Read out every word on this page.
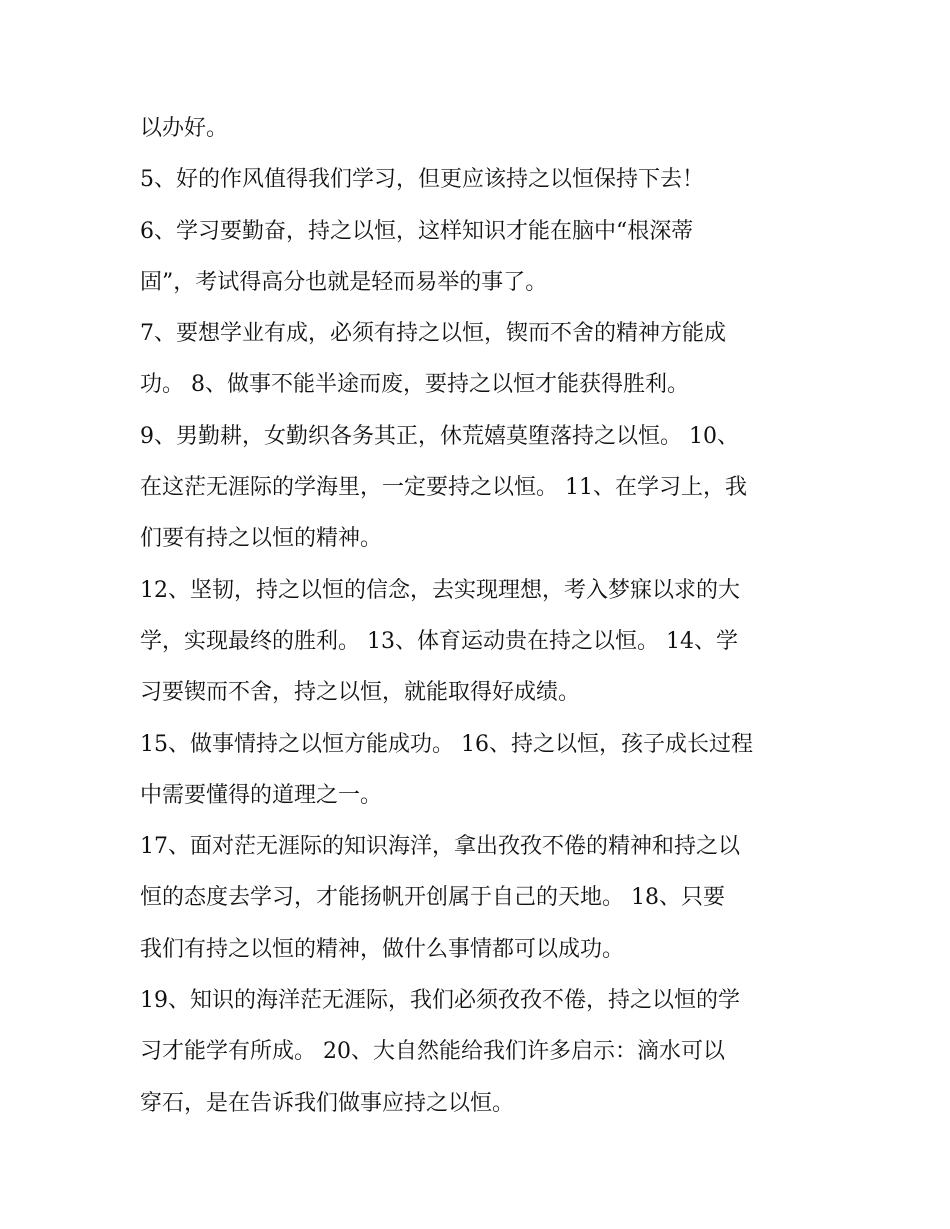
以办好。
5、好的作风值得我们学习，但更应该持之以恒保持下去！
6、学习要勤奋，持之以恒，这样知识才能在脑中“根深蒂
固”，考试得高分也就是轻而易举的事了。
7、要想学业有成，必须有持之以恒，锲而不舍的精神方能成
功。 8、做事不能半途而废，要持之以恒才能获得胜利。
9、男勤耕，女勤织各务其正，休荒嬉莫堕落持之以恒。 10、
在这茫无涯际的学海里，一定要持之以恒。 11、在学习上，我
们要有持之以恒的精神。
12、坚韧，持之以恒的信念，去实现理想，考入梦寐以求的大
学，实现最终的胜利。 13、体育运动贵在持之以恒。 14、学
习要锲而不舍，持之以恒，就能取得好成绩。
15、做事情持之以恒方能成功。 16、持之以恒，孩子成长过程
中需要懂得的道理之一。
17、面对茫无涯际的知识海洋，拿出孜孜不倦的精神和持之以
恒的态度去学习，才能扬帆开创属于自己的天地。 18、只要
我们有持之以恒的精神，做什么事情都可以成功。
19、知识的海洋茫无涯际，我们必须孜孜不倦，持之以恒的学
习才能学有所成。 20、大自然能给我们许多启示：滴水可以
穿石，是在告诉我们做事应持之以恒。
